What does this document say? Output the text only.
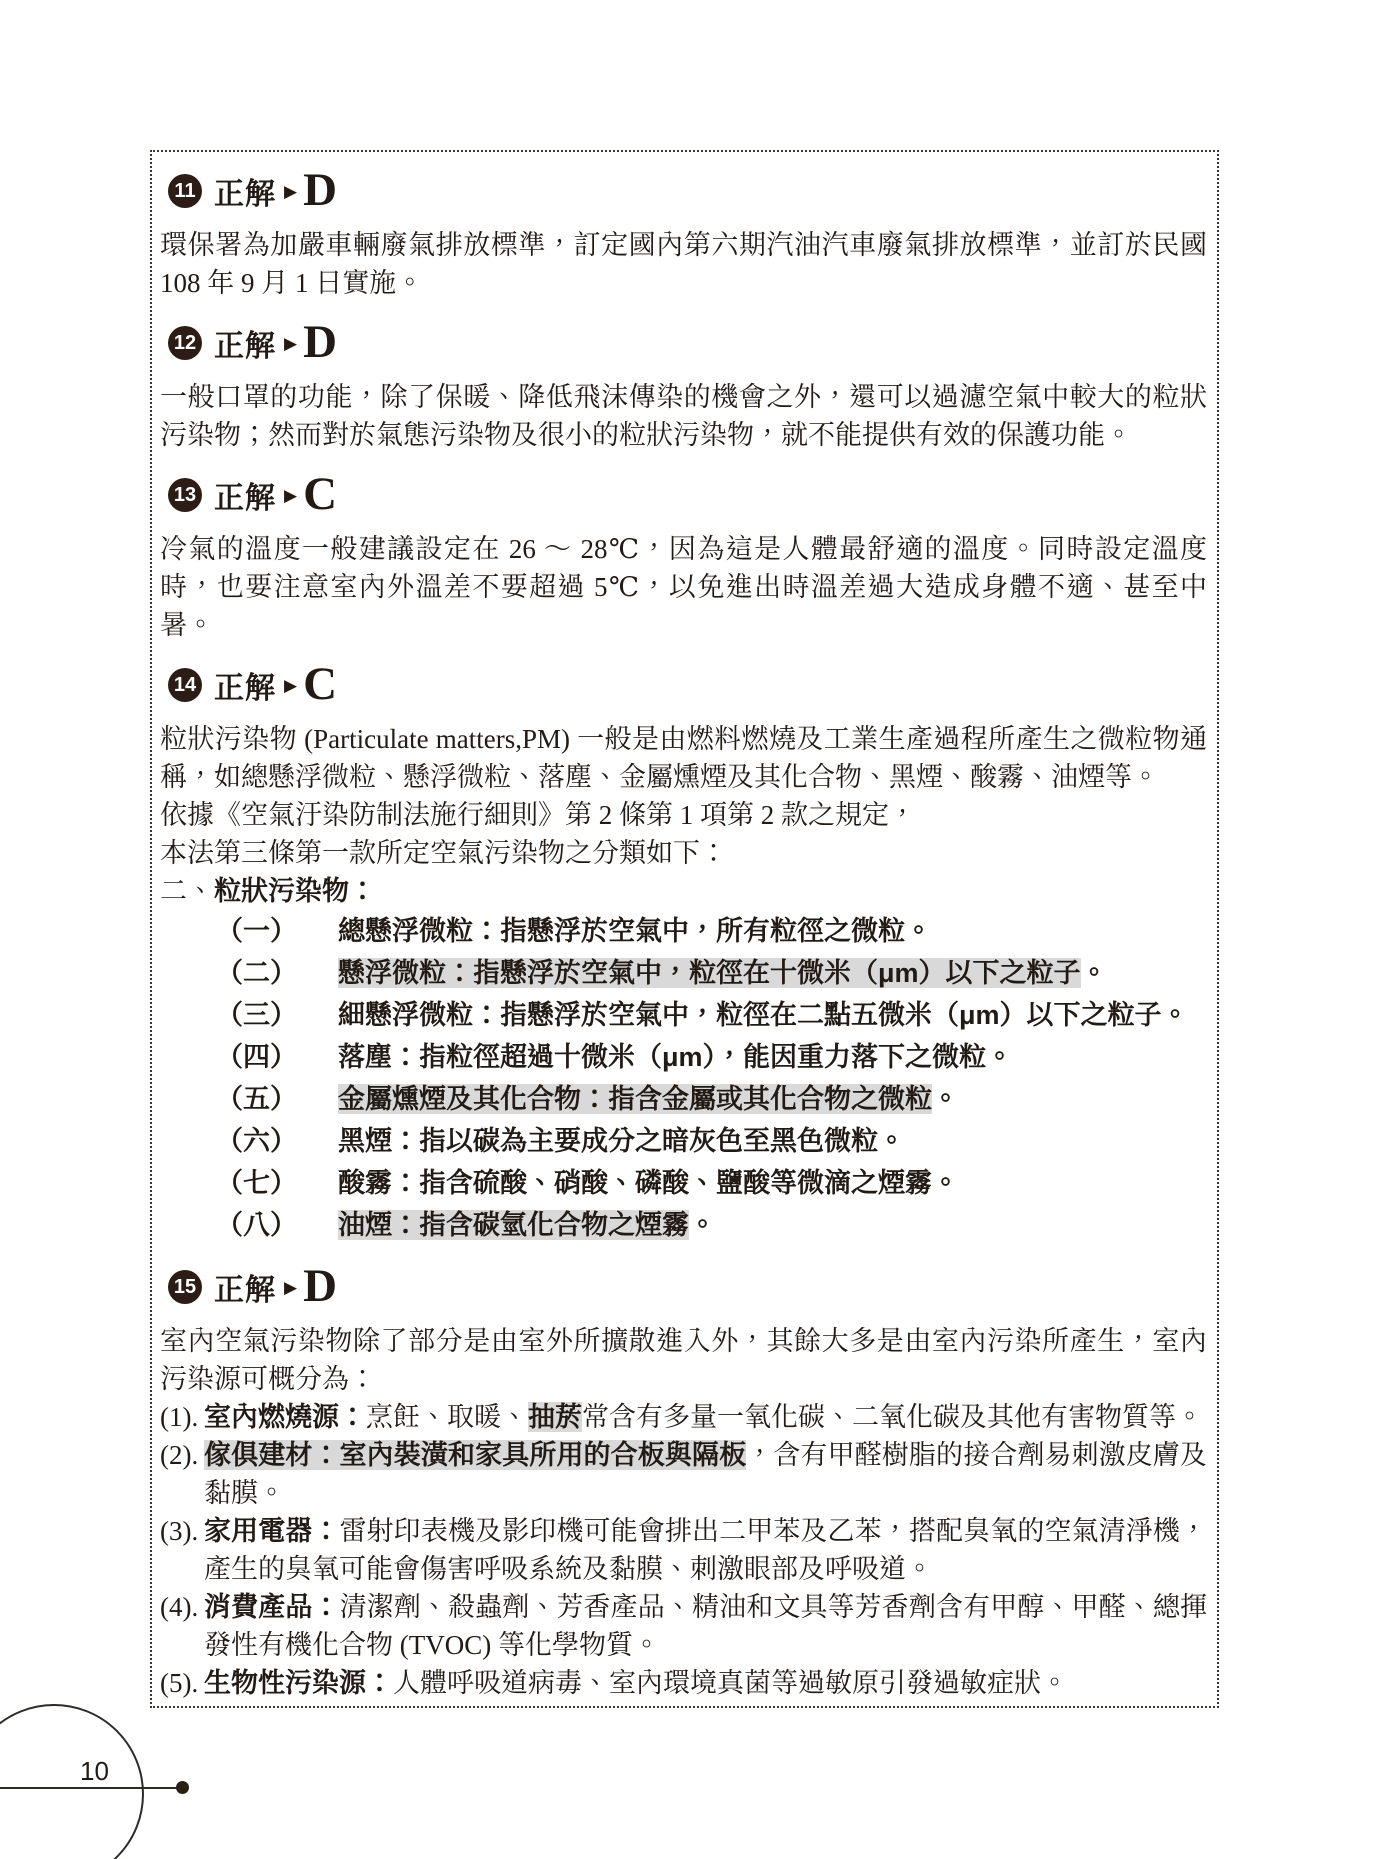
11 正解 ▶ D
環保署為加嚴車輛廢氣排放標準，訂定國內第六期汽油汽車廢氣排放標準，並訂於民國 108 年 9 月 1 日實施。
12 正解 ▶ D
一般口罩的功能，除了保暖、降低飛沫傳染的機會之外，還可以過濾空氣中較大的粒狀污染物；然而對於氣態污染物及很小的粒狀污染物，就不能提供有效的保護功能。
13 正解 ▶ C
冷氣的溫度一般建議設定在 26 ～ 28℃，因為這是人體最舒適的溫度。同時設定溫度時，也要注意室內外溫差不要超過 5℃，以免進出時溫差過大造成身體不適、甚至中暑。
14 正解 ▶ C
粒狀污染物 (Particulate matters,PM) 一般是由燃料燃燒及工業生產過程所產生之微粒物通稱，如總懸浮微粒、懸浮微粒、落塵、金屬燻煙及其化合物、黑煙、酸霧、油煙等。
依據《空氣汙染防制法施行細則》第 2 條第 1 項第 2 款之規定，
本法第三條第一款所定空氣污染物之分類如下：
二、粒狀污染物：
（一） 總懸浮微粒：指懸浮於空氣中，所有粒徑之微粒。
（二） 懸浮微粒：指懸浮於空氣中，粒徑在十微米（μm）以下之粒子。
（三） 細懸浮微粒：指懸浮於空氣中，粒徑在二點五微米（μm）以下之粒子。
（四） 落塵：指粒徑超過十微米（μm），能因重力落下之微粒。
（五） 金屬燻煙及其化合物：指含金屬或其化合物之微粒。
（六） 黑煙：指以碳為主要成分之暗灰色至黑色微粒。
（七） 酸霧：指含硫酸、硝酸、磷酸、鹽酸等微滴之煙霧。
（八） 油煙：指含碳氫化合物之煙霧。
15 正解 ▶ D
室內空氣污染物除了部分是由室外所擴散進入外，其餘大多是由室內污染所產生，室內污染源可概分為：
(1). 室內燃燒源：烹飪、取暖、抽菸常含有多量一氧化碳、二氧化碳及其他有害物質等。
(2). 傢俱建材：室內裝潢和家具所用的合板與隔板，含有甲醛樹脂的接合劑易刺激皮膚及黏膜。
(3). 家用電器：雷射印表機及影印機可能會排出二甲苯及乙苯，搭配臭氧的空氣清淨機，產生的臭氧可能會傷害呼吸系統及黏膜、刺激眼部及呼吸道。
(4). 消費產品：清潔劑、殺蟲劑、芳香產品、精油和文具等芳香劑含有甲醇、甲醛、總揮發性有機化合物 (TVOC) 等化學物質。
(5). 生物性污染源：人體呼吸道病毒、室內環境真菌等過敏原引發過敏症狀。
10
